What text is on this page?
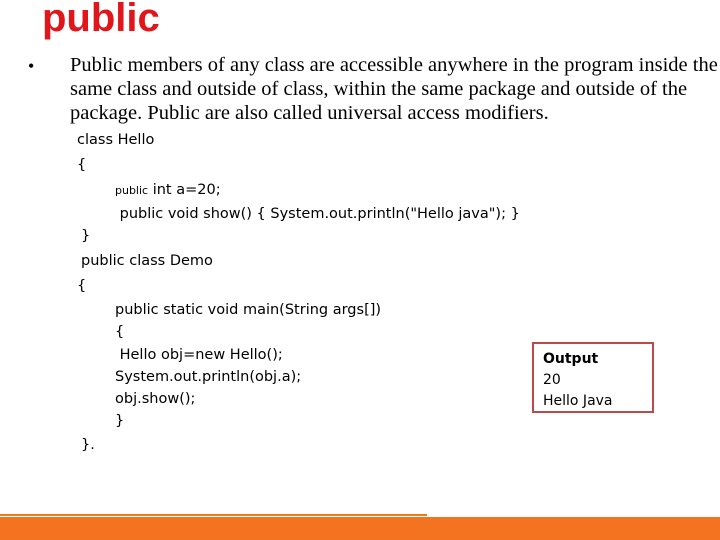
public
• Public members of any class are accessible anywhere in the program inside the same class and outside of class, within the same package and outside of the package. Public are also called universal access modifiers.
class Hello
{
public int a=20;
public void show() { System.out.println("Hello java"); }
}
public class Demo
{
public static void main(String args[])
{
Hello obj=new Hello();
System.out.println(obj.a);
obj.show();
}
}.
Output
20
Hello Java
